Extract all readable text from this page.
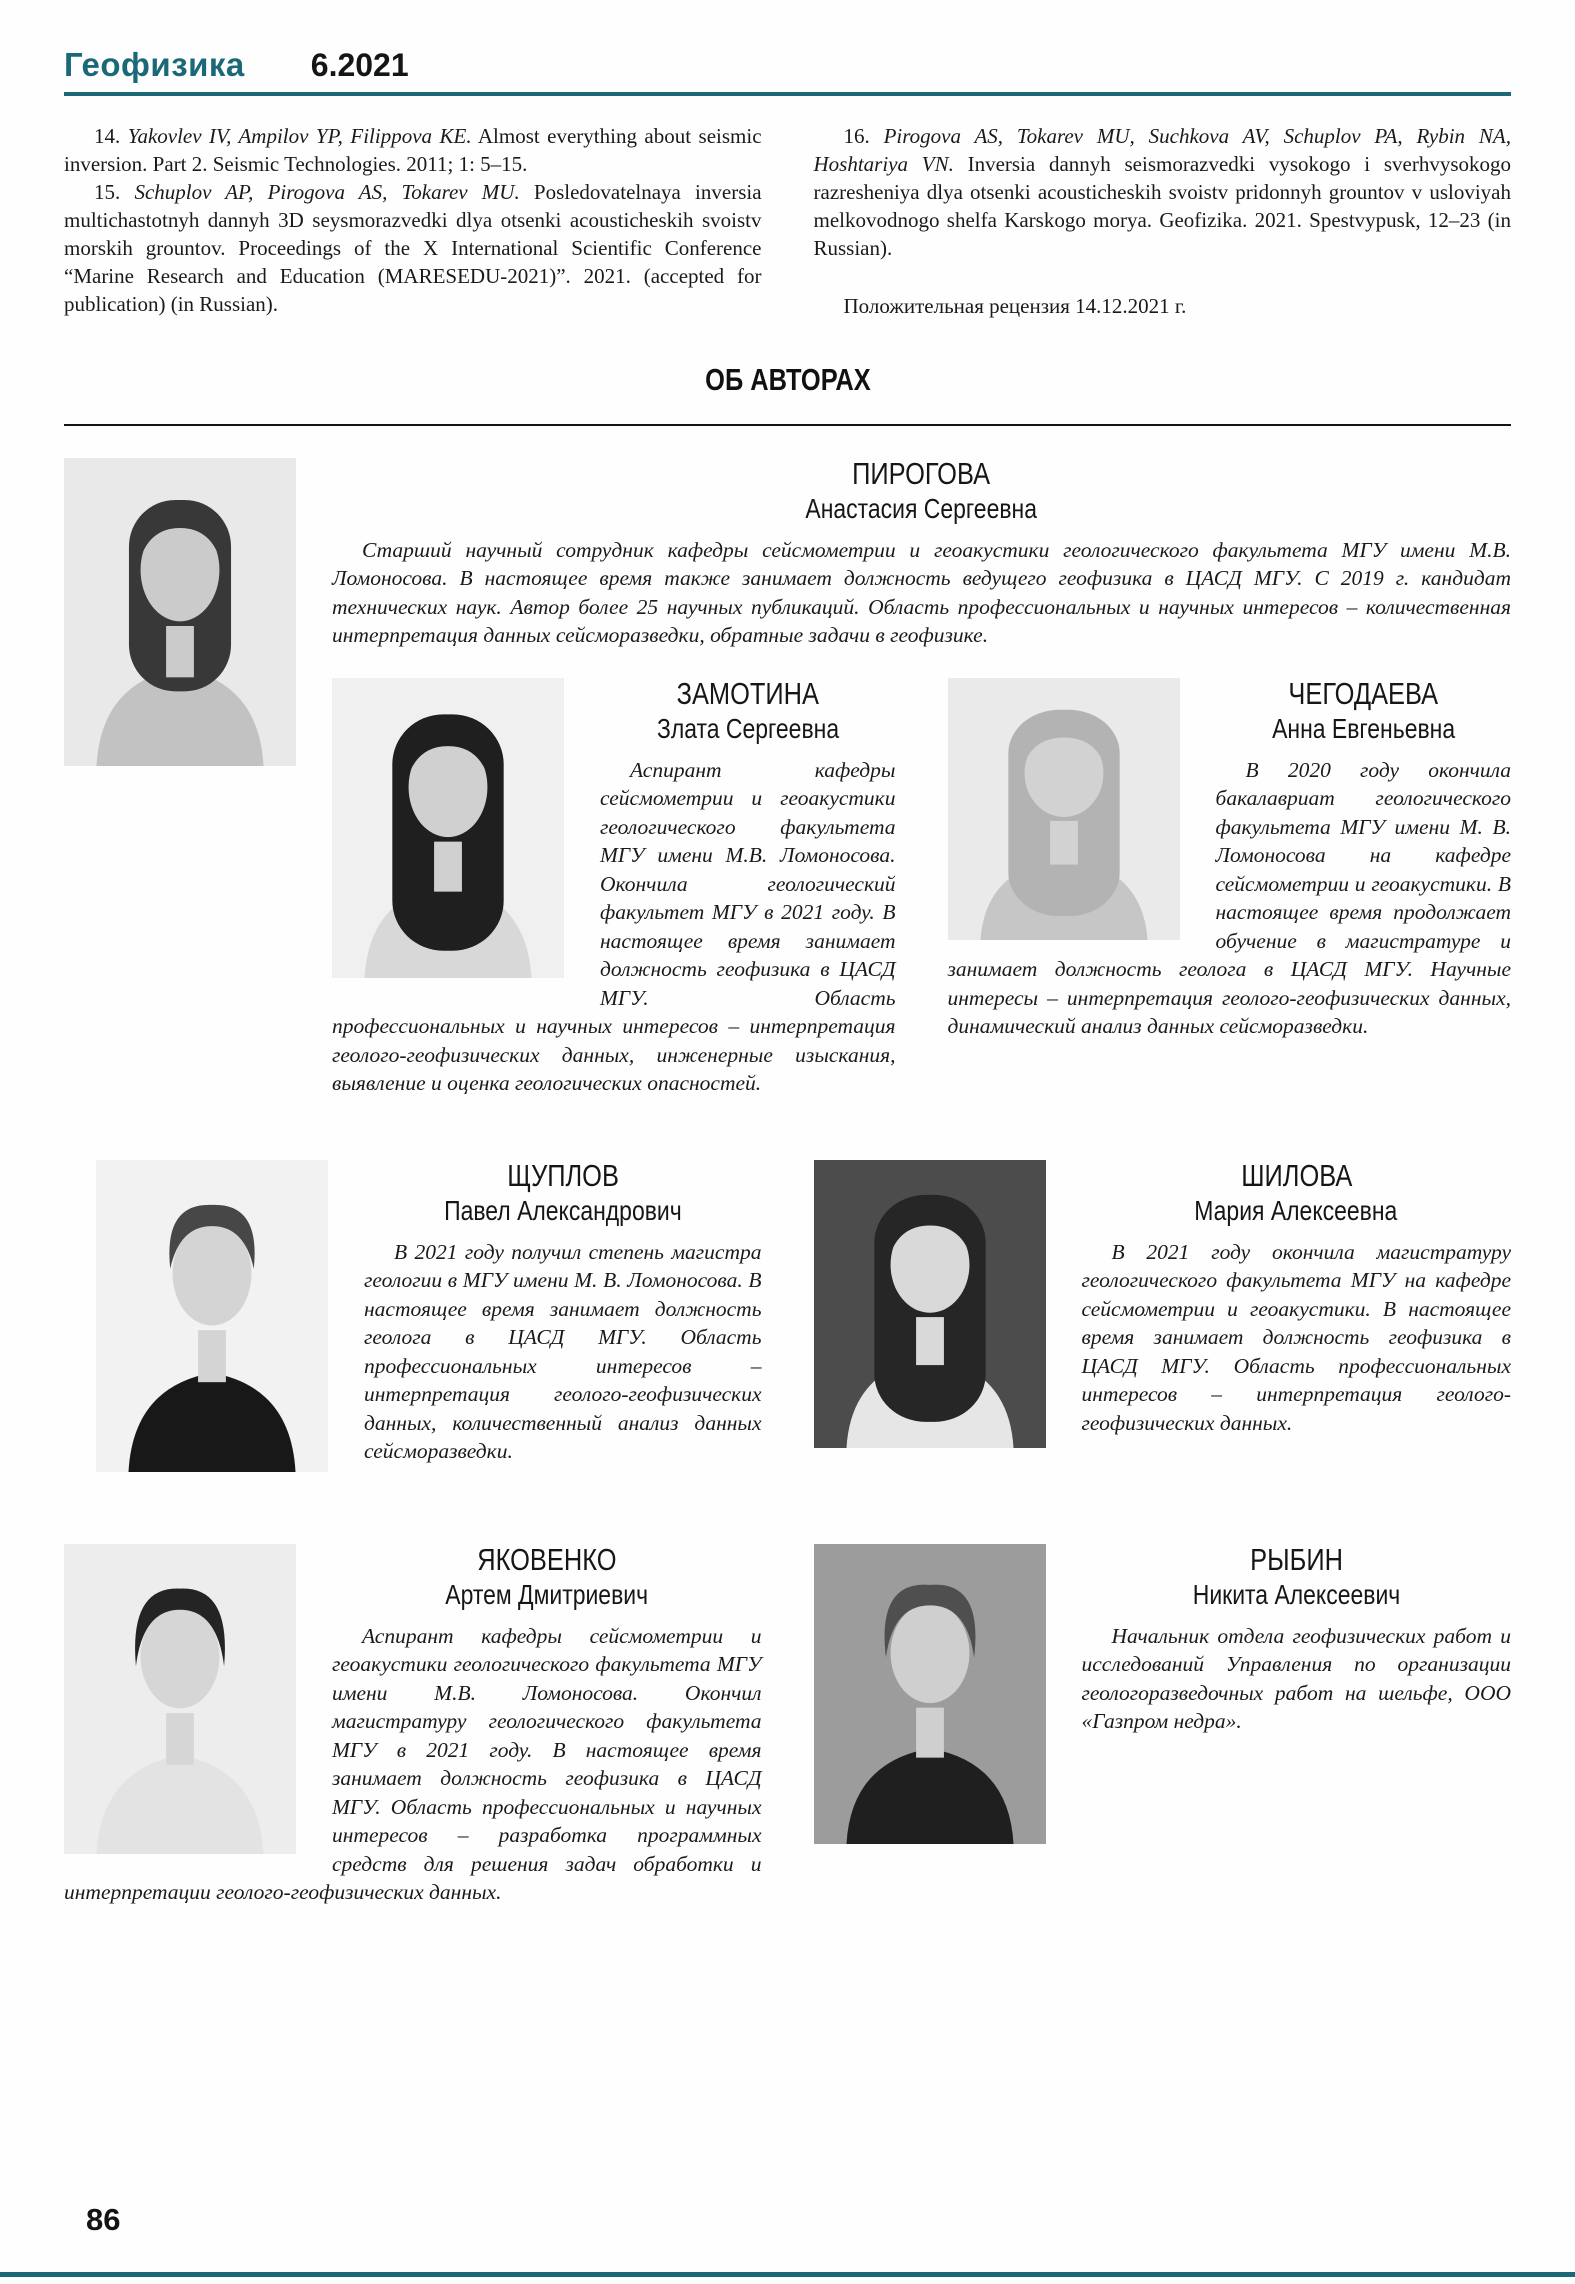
Геофизика 6.2021

14. Yakovlev IV, Ampilov YP, Filippova KE. Almost everything about seismic inversion. Part 2. Seismic Technologies. 2011; 1: 5–15.

15. Schuplov AP, Pirogova AS, Tokarev MU. Posledovatelnaya inversia multichastotnyh dannyh 3D seysmorazvedki dlya otsenki acousticheskih svoistv morskih grountov. Proceedings of the X International Scientific Conference “Marine Research and Education (MARESEDU-2021)”. 2021. (accepted for publication) (in Russian).

16. Pirogova AS, Tokarev MU, Suchkova AV, Schuplov PA, Rybin NA, Hoshtariya VN. Inversia dannyh seismorazvedki vysokogo i sverhvysokogo razresheniya dlya otsenki acousticheskih svoistv pridonnyh grountov v usloviyah melkovodnogo shelfa Karskogo morya. Geofizika. 2021. Spestvypusk, 12–23 (in Russian).

Положительная рецензия 14.12.2021 г.

ОБ АВТОРАХ
ПИРОГОВА
Анастасия Сергеевна

Старший научный сотрудник кафедры сейсмометрии и геоакустики геологического факультета МГУ имени М.В. Ломоносова. В настоящее время также занимает должность ведущего геофизика в ЦАСД МГУ. С 2019 г. кандидат технических наук. Автор более 25 научных публикаций. Область профессиональных и научных интересов – количественная интерпретация данных сейсморазведки, обратные задачи в геофизике.

ЗАМОТИНА
Злата Сергеевна

Аспирант кафедры сейсмометрии и геоакустики геологического факультета МГУ имени М.В. Ломоносова. Окончила геологический факультет МГУ в 2021 году. В настоящее время занимает должность геофизика в ЦАСД МГУ. Область профессиональных и научных интересов – интерпретация геолого-геофизических данных, инженерные изыскания, выявление и оценка геологических опасностей.

ЧЕГОДАЕВА
Анна Евгеньевна

В 2020 году окончила бакалавриат геологического факультета МГУ имени М. В. Ломоносова на кафедре сейсмометрии и геоакустики. В настоящее время продолжает обучение в магистратуре и занимает должность геолога в ЦАСД МГУ. Научные интересы – интерпретация геолого-геофизических данных, динамический анализ данных сейсморазведки.

ЩУПЛОВ
Павел Александрович

В 2021 году получил степень магистра геологии в МГУ имени М. В. Ломоносова. В настоящее время занимает должность геолога в ЦАСД МГУ. Область профессиональных интересов – интерпретация геолого-геофизических данных, количественный анализ данных сейсморазведки.

ШИЛОВА
Мария Алексеевна

В 2021 году окончила магистратуру геологического факультета МГУ на кафедре сейсмометрии и геоакустики. В настоящее время занимает должность геофизика в ЦАСД МГУ. Область профессиональных интересов – интерпретация геолого-геофизических данных.

ЯКОВЕНКО
Артем Дмитриевич

Аспирант кафедры сейсмометрии и геоакустики геологического факультета МГУ имени М.В. Ломоносова. Окончил магистратуру геологического факультета МГУ в 2021 году. В настоящее время занимает должность геофизика в ЦАСД МГУ. Область профессиональных и научных интересов – разработка программных средств для решения задач обработки и интерпретации геолого-геофизических данных.

РЫБИН
Никита Алексеевич

Начальник отдела геофизических работ и исследований Управления по организации геологоразведочных работ на шельфе, ООО «Газпром недра».

86
